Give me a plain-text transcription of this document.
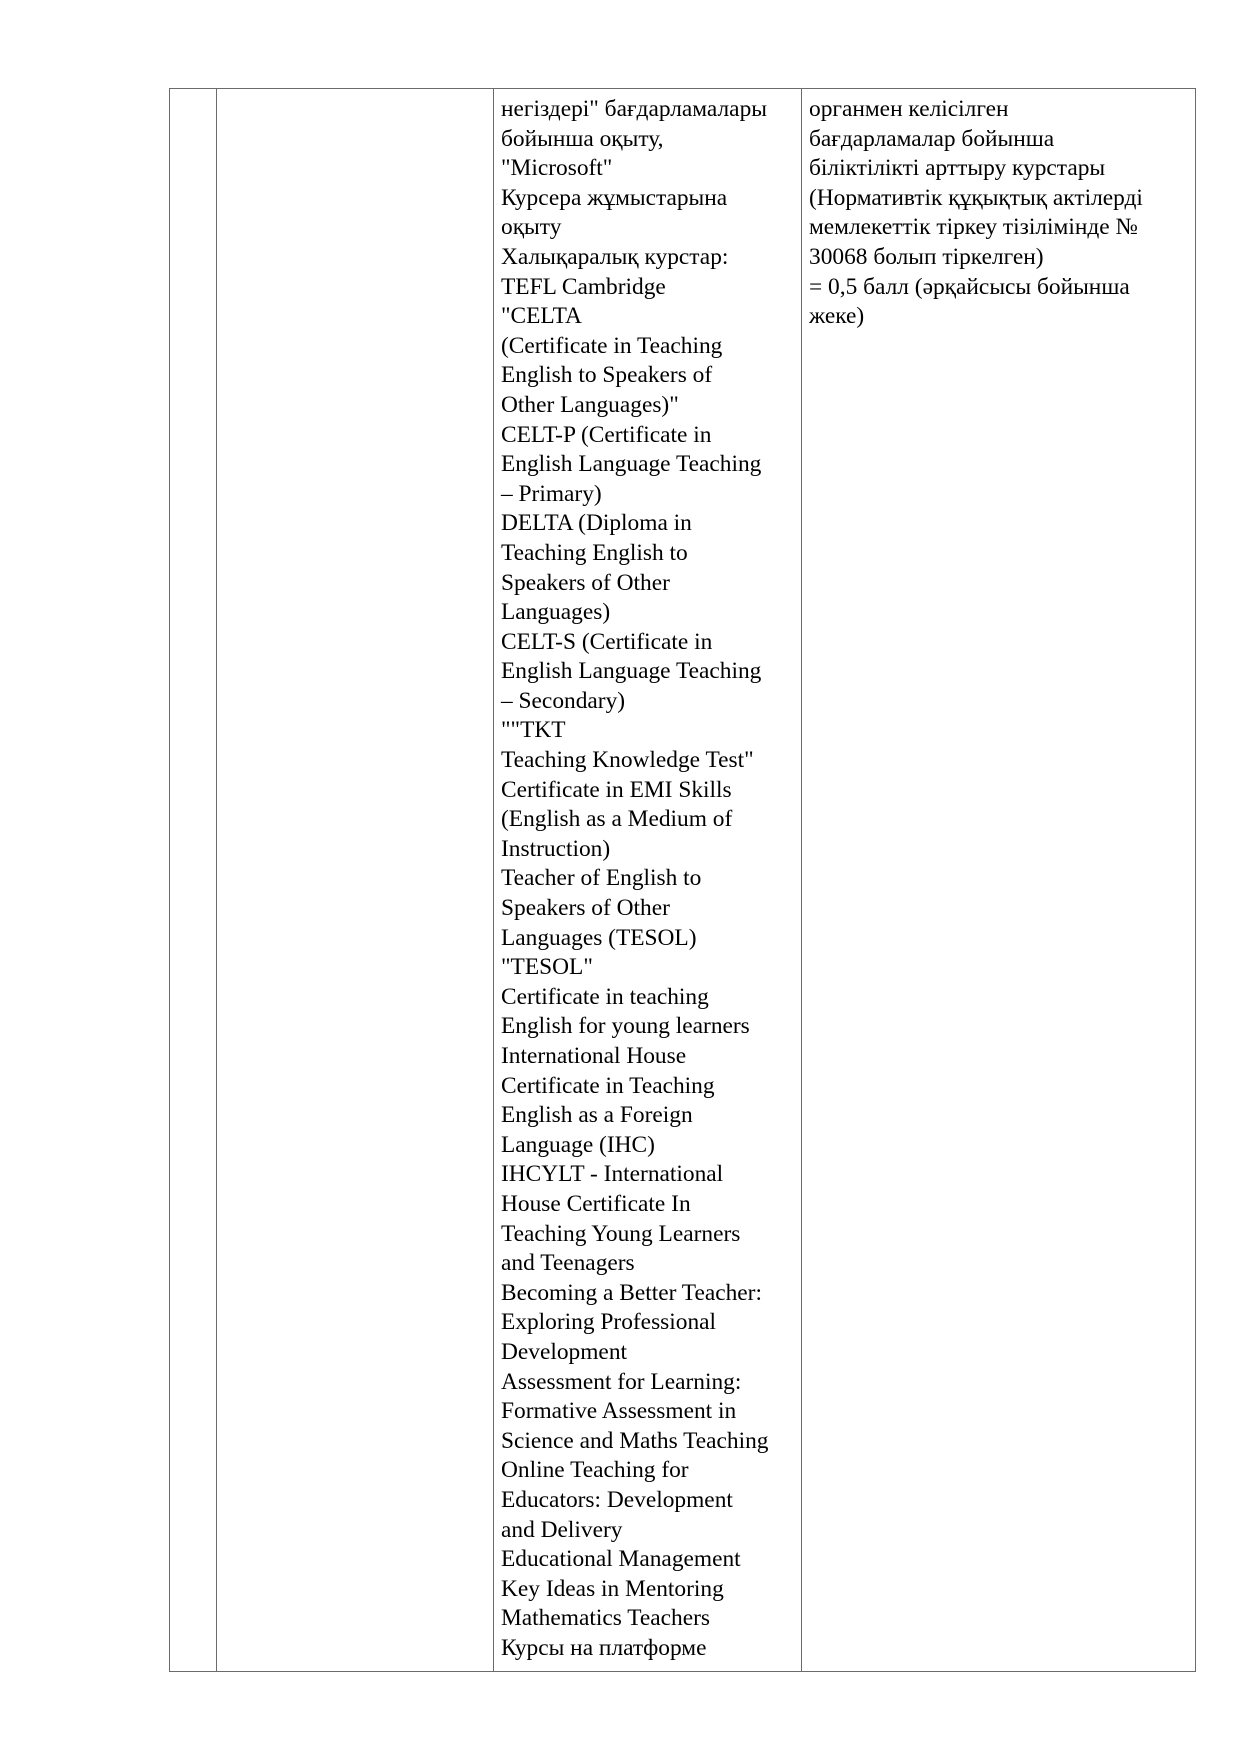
негіздері" бағдарламалары
бойынша оқыту,
"Microsoft"
Курсера жұмыстарына
оқыту
Халықаралық курстар:
TEFL Cambridge
"CELTA
(Certificate in Teaching
English to Speakers of
Other Languages)"
CELT-P (Certificate in
English Language Teaching
– Primary)
DELTA (Diploma in
Teaching English to
Speakers of Other
Languages)
CELT-S (Certificate in
English Language Teaching
– Secondary)
""TKT
Teaching Knowledge Test"
Certificate in EMI Skills
(English as a Medium of
Instruction)
Teacher of English to
Speakers of Other
Languages (TESOL)
"TESOL"
Certificate in teaching
English for young learners
International House
Certificate in Teaching
English as a Foreign
Language (IHC)
IHCYLT - International
House Certificate In
Teaching Young Learners
and Teenagers
Becoming a Better Teacher:
Exploring Professional
Development
Assessment for Learning:
Formative Assessment in
Science and Maths Teaching
Online Teaching for
Educators: Development
and Delivery
Educational Management
Key Ideas in Mentoring
Mathematics Teachers
Курсы на платформе

органмен келісілген
бағдарламалар бойынша
біліктілікті арттыру курстары
(Нормативтік құқықтық актілерді
мемлекеттік тіркеу тізілімінде №
30068 болып тіркелген)
= 0,5 балл (әрқайсысы бойынша
жеке)
